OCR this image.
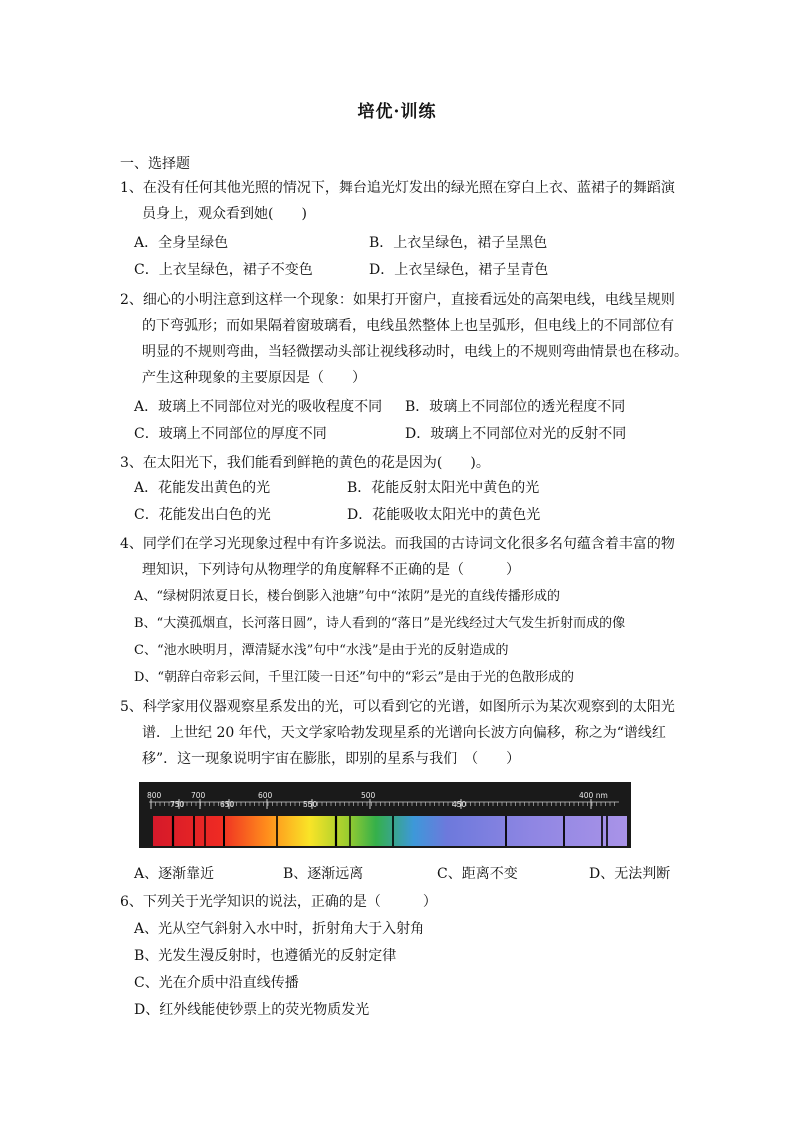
培优·训练
一、选择题
1、在没有任何其他光照的情况下，舞台追光灯发出的绿光照在穿白上衣、蓝裙子的舞蹈演
员身上，观众看到她(　　)
A．全身呈绿色	B．上衣呈绿色，裙子呈黑色
C．上衣呈绿色，裙子不变色	D．上衣呈绿色，裙子呈青色
2、细心的小明注意到这样一个现象：如果打开窗户，直接看远处的高架电线，电线呈规则
的下弯弧形；而如果隔着窗玻璃看，电线虽然整体上也呈弧形，但电线上的不同部位有
明显的不规则弯曲，当轻微摆动头部让视线移动时，电线上的不规则弯曲情景也在移动。
产生这种现象的主要原因是（　　）
A．玻璃上不同部位对光的吸收程度不同 B．玻璃上不同部位的透光程度不同
C．玻璃上不同部位的厚度不同	D．玻璃上不同部位对光的反射不同
3、在太阳光下，我们能看到鲜艳的黄色的花是因为(　　)。
A．花能发出黄色的光	B．花能反射太阳光中黄色的光
C．花能发出白色的光	D．花能吸收太阳光中的黄色光
4、同学们在学习光现象过程中有许多说法。而我国的古诗词文化很多名句蕴含着丰富的物
理知识，下列诗句从物理学的角度解释不正确的是（　　　）
A、“绿树阴浓夏日长，楼台倒影入池塘”句中“浓阴”是光的直线传播形成的
B、“大漠孤烟直，长河落日圆”，诗人看到的“落日”是光线经过大气发生折射而成的像
C、“池水映明月，潭清疑水浅”句中“水浅”是由于光的反射造成的
D、“朝辞白帝彩云间，千里江陵一日还”句中的“彩云”是由于光的色散形成的
5、科学家用仪器观察星系发出的光，可以看到它的光谱，如图所示为某次观察到的太阳光
谱．上世纪 20 年代，天文学家哈勃发现星系的光谱向长波方向偏移，称之为“谱线红
移”．这一现象说明宇宙在膨胀，即别的星系与我们　（　　）
800
750
700
650
600
550
500
450
400 nm
A、逐渐靠近	B、逐渐远离	C、距离不变	D、无法判断
6、下列关于光学知识的说法，正确的是（　　　）
A、光从空气斜射入水中时，折射角大于入射角
B、光发生漫反射时，也遵循光的反射定律
C、光在介质中沿直线传播
D、红外线能使钞票上的荧光物质发光
